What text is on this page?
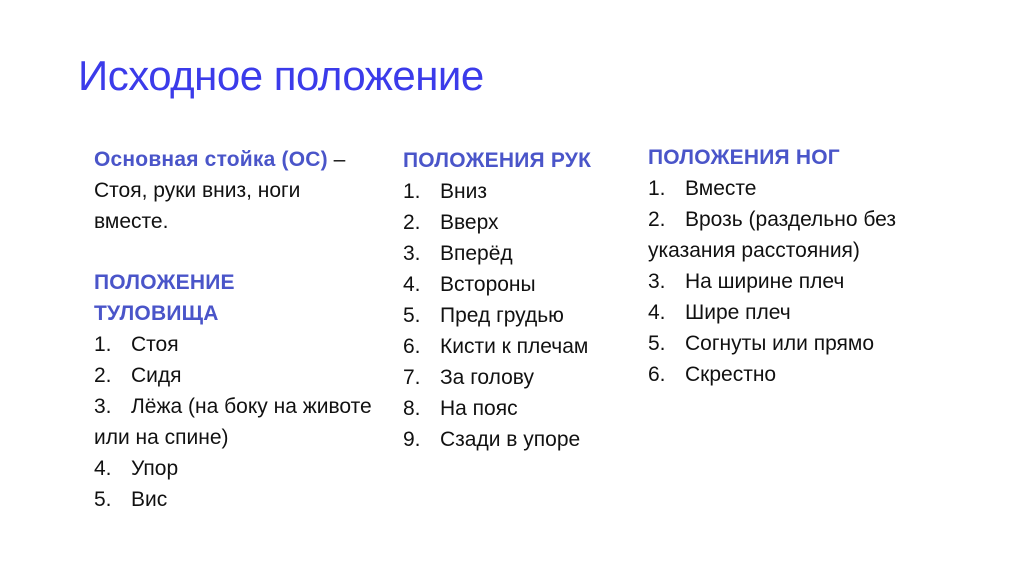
Исходное положение
Основная стойка (ОС) –
Стоя, руки вниз, ноги вместе.
ПОЛОЖЕНИЕ ТУЛОВИЩА
1. Стоя
2. Сидя
3. Лёжа (на боку на животе или на спине)
4. Упор
5. Вис
ПОЛОЖЕНИЯ РУК
1. Вниз
2. Вверх
3. Вперёд
4. Встороны
5. Пред грудью
6. Кисти к плечам
7. За голову
8. На пояс
9. Сзади в упоре
ПОЛОЖЕНИЯ НОГ
1. Вместе
2. Врозь (раздельно без указания расстояния)
3. На ширине плеч
4. Шире плеч
5. Согнуты или прямо
6. Скрестно
